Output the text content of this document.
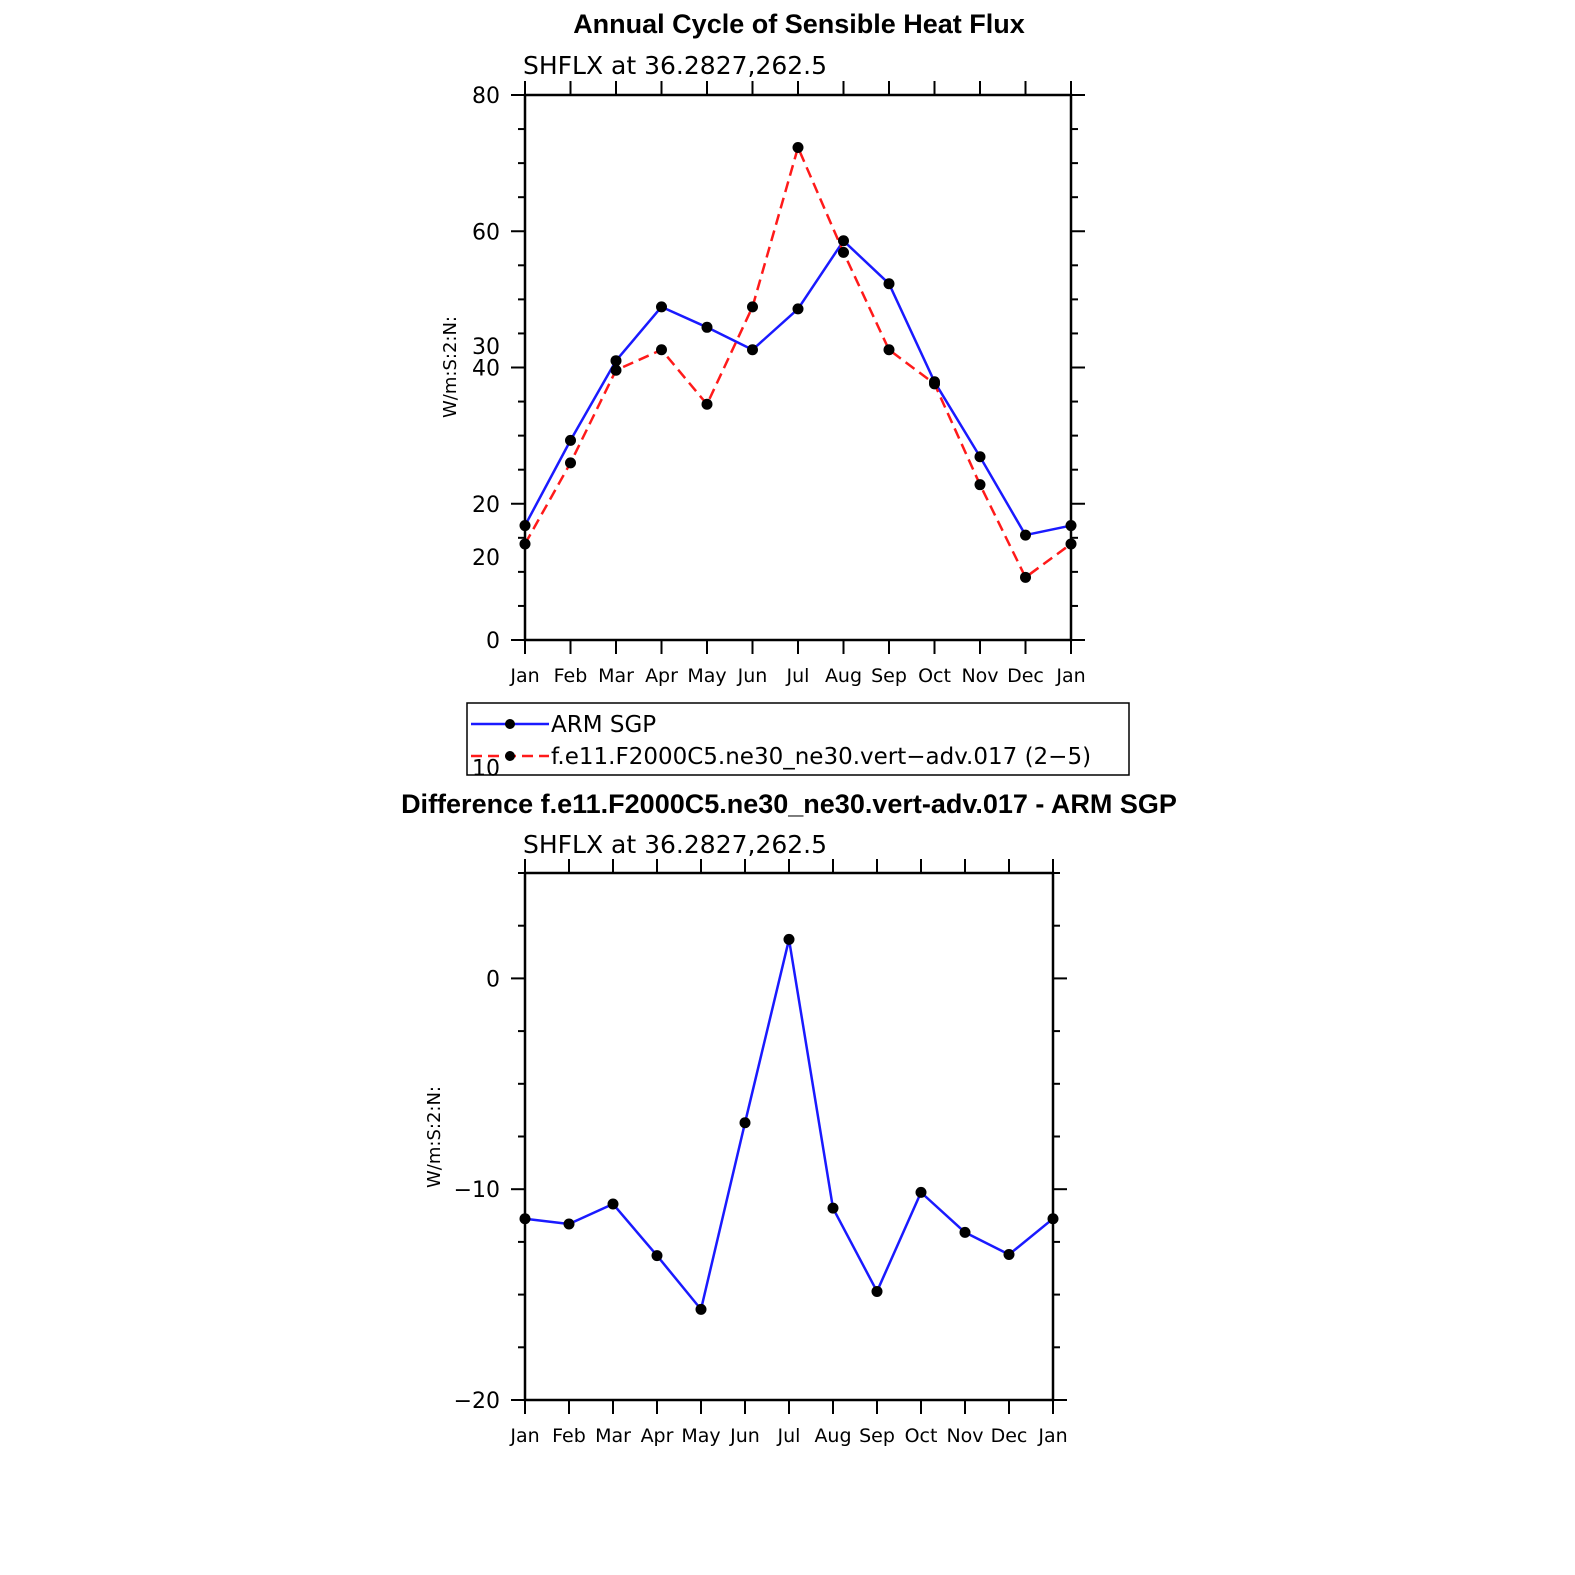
Annual Cycle of Sensible Heat Flux
SHFLX at 36.2827,262.5
W/m:S:2:N:
0
20
40
60
80
Jan Feb Mar Apr May Jun Jul Aug Sep Oct Nov Dec Jan
ARM SGP
f.e11.F2000C5.ne30_ne30.vert−adv.017 (2−5)
Difference f.e11.F2000C5.ne30_ne30.vert-adv.017 - ARM SGP
SHFLX at 36.2827,262.5
W/m:S:2:N:
−20
−10
0
10
20
30
Jan Feb Mar Apr May Jun Jul Aug Sep Oct Nov Dec Jan
